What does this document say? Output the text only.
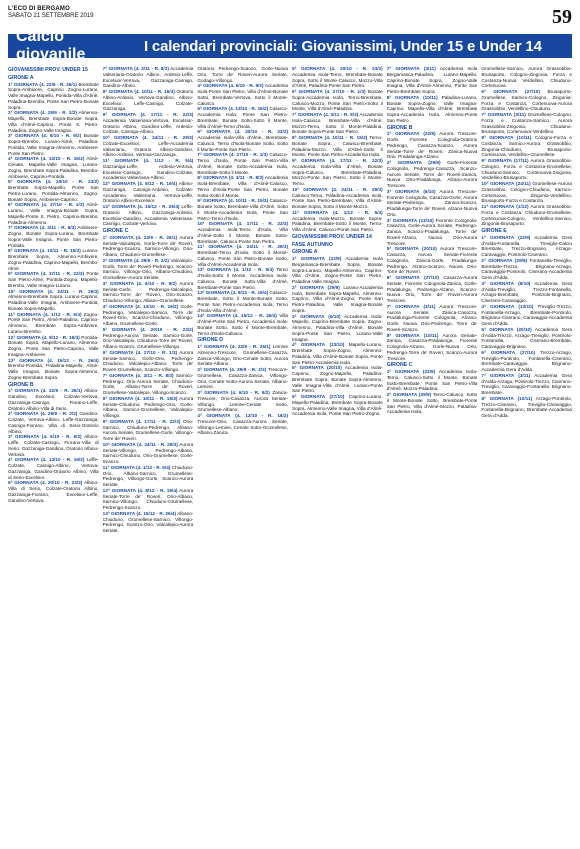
L'ECO DI BERGAMO
SABATO 21 SETTEMBRE 2019	59
Calcio giovanile	I calendari provinciali: Giovanissimi, Under 15 e Under 14
GIOVANISSIMI PROV. UNDER 15
GIRONE A

1ª GIORNATA (4. 22/9 - R. 26/1) Brembate Sopra-Ambivere, Caprino Zogno-Lurano, Valle Imagna-Mapello, Pontida-Villa d'Almè, Paladina-Brembo, Ponte San Pietro-Bonate Sopra.

2ª GIORNATA (4. 29/9 - R. 2/2) Almenno-Mapello, Brembate Sopra-Bonate Sopra, Villa d'Almè-Caprino, Ponte S. Pietro-Paladina, Zogno-Valle Imagna.

3ª GIORNATA (4. 6/10 - R. 9/2) Bonate Sopra-Brembo, Lurano-Almè, Paladina-Pontida, Valle Imagna-Almenno, Ambivere-Ponte San Pietro.

4ª GIORNATA (4. 13/10 - R. 16/2) Almè-Cenate, Mapello-Valle Imagna, Lurano-Zogno, Brembate Sopra-Paladina, Brembo-Ambivere, Caprino-Pontida.

5ª GIORNATA (4. 20/10 - R. 23/2) Brembate Sopra-Mapello, Ponte San Pietro-Lurano, Pontida-Almenno, Zogno-Bonate Sopra, Ambivere-Caprino.

6ª GIORNATA (4. 27/10 - R. 1/3) Almè-Lurano, Valle Imagna-Bonate Sopra, Mapello-Ponte S. Pietro, Caprino-Brembo, Paladina-Almenno.

7ª GIORNATA (4. 3/11 - R. 8/3) Ambivere-Zogno, Bonate Sopra-Lurano, Brembate Sopra-Valle Imagna, Ponte San Pietro-Pontida.

8ª GIORNATA (4. 10/11 - R. 15/3) Lurano-Brembate Sopra, Almenno-Ambivere, Zogno-Paladina, Caprino-Mapello, Brembo-Almè.

9ª GIORNATA (4. 17/11 - R. 22/3) Ponte San Pietro-Almè, Pontida-Zogno, Mapello-Brembo, Valle Imagna-Lurano.

10ª GIORNATA (4. 24/11 - R. 29/3) Almenno-Brembate Sopra, Lurano-Caprino, Paladina-Valle Imagna, Ambivere-Pontida, Bonate Sopra-Mapello.

11ª GIORNATA (4. 1/12 - R. 5/4) Zogno-Ponte San Pietro, Almè-Paladina, Caprino-Almenno, Brembate Sopra-Ambivere, Lurano-Brembo.

12ª GIORNATA (4. 8/12 - R. 19/4) Pontida-Bonate Sopra, Mapello-Lurano, Almenno-Zogno, Ponte San Pietro-Caprino, Valle Imagna-Ambivere.

13ª GIORNATA (4. 15/12 - R. 26/4) Brembo-Pontida, Paladina-Mapello, Almè-Valle Imagna, Bonate Sopra-Almenno, Zogno-Brembate Sopra.

GIRONE B

1ª GIORNATA (4. 22/9 - R. 26/1) Albino-Gandino, Excelsior, Colzate-Vertova, Gazzaniga-Casnigo, Fiorano-Leffe, Oratorio Albino-Villa di Serio.

2ª GIORNATA (4. 29/9 - R. 2/2) Gandino-Colzate, Vertova-Albino, Leffe-Gazzaniga, Casnigo-Fiorano, Villa di Serio-Oratorio Albino.

3ª GIORNATA (4. 6/10 - R. 9/2) Albino-Leffe, Colzate-Casnigo, Fiorano-Villa di Serio, Gazzaniga-Gandino, Oratorio Albino-Vertova.

4ª GIORNATA (4. 13/10 - R. 16/2) Leffe-Colzate, Casnigo-Albino, Vertova-Gazzaniga, Gandino-Oratorio Albino, Villa di Serio-Excelsior.

5ª GIORNATA (4. 20/10 - R. 23/2) Albino-Villa di Serio, Colzate-Oratorio Albino, Gazzaniga-Fiorano, Excelsior-Leffe, Gandino-Vertova.

7ª GIORNATA (4. 3/11 - R. 8/3) Accademia Valseriana-Oratorio Albino, Ardesio-Leffe, Excelsior-Vertova, Gazzaniga-Casnigo, Gandino-Albino.

8ª GIORNATA (4. 10/11 - R. 15/3) Oratorio Albino-Ardesio, Vertova-Gandino, Albino-Excelsior, Leffe-Casnigo, Colzate-Gazzaniga.

9ª GIORNATA (4. 17/11 - R. 22/3) Accademia Valseriana-Vertova, Excelsior-Oratorio Albino, Gandino-Leffe, Ardesio-Colzate, Casnigo-Albino.

10ª GIORNATA (4. 24/11 - R. 29/3) Colzate-Excelsior, Leffe-Accademia Valseriana, Oratorio Albino-Gandino, Albino-Ardesio, Vertova-Gazzaniga.

11ª GIORNATA (4. 1/12 - R. 5/4) Gazzaniga-Leffe, Ardesio-Vertova, Excelsior-Casnigo, Gandino-Colzate, Accademia Valseriana-Albino.

12ª GIORNATA (4. 8/12 - R. 19/4) Albino-Gazzaniga, Casnigo-Ardesio, Colzate-Accademia Valseriana, Vertova-Leffe, Oratorio Albino-Excelsior.

13ª GIORNATA (4. 15/12 - R. 26/4) Leffe-Oratorio Albino, Gazzaniga-Ardesio, Excelsior-Gandino, Accademia Valseriana-Casnigo, Colzate-Vertova.

GIRONE C

1ª GIORNATA (4. 22/9 - R. 26/1) Aurora Seriate-Valcalepio, Gorle-Torre de' Roveri, Pedrengo-Scanzo, Sarnico-Villongo, Orio-Albano, Chiuduno-Grumellese.

2ª GIORNATA (4. 29/9 - R. 2/2) Valcalepio-Gorle, Torre de' Roveri-Pedrengo, Scanzo-Sarnico, Villongo-Orio, Albano-Chiuduno, Grumellese-Aurora Seriate.

3ª GIORNATA (4. 6/10 - R. 9/2) Aurora Seriate-Gorle, Pedrengo-Valcalepio, Sarnico-Torre de' Roveri, Orio-Scanzo, Chiuduno-Villongo, Albano-Grumellese.

4ª GIORNATA (4. 13/10 - R. 16/2) Gorle-Pedrengo, Valcalepio-Sarnico, Torre de' Roveri-Orio, Scanzo-Chiuduno, Villongo-Albano, Grumellese-Gorle.

5ª GIORNATA (4. 20/10 - R. 23/2) Pedrengo-Aurora Seriate, Sarnico-Gorle, Orio-Valcalepio, Chiuduno-Torre de' Roveri, Albano-Scanzo, Grumellese-Villongo.

6ª GIORNATA (4. 27/10 - R. 1/3) Aurora Seriate-Sarnico, Gorle-Orio, Pedrengo-Chiuduno, Valcalepio-Albano, Torre de' Roveri-Grumellese, Scanzo-Villongo.

7ª GIORNATA (4. 3/11 - R. 8/3) Sarnico-Pedrengo, Orio-Aurora Seriate, Chiuduno-Gorle, Albano-Torre de' Roveri, Grumellese-Valcalepio, Villongo-Scanzo.

8ª GIORNATA (4. 10/11 - R. 15/3) Aurora Seriate-Chiuduno, Pedrengo-Orio, Gorle-Albano, Sarnico-Grumellese, Valcalepio-Villongo.

9ª GIORNATA (4. 17/11 - R. 22/3) Orio-Sarnico, Chiuduno-Pedrengo, Albano-Aurora Seriate, Grumellese-Gorle, Villongo-Torre de' Roveri.

10ª GIORNATA (4. 24/11 - R. 29/3) Aurora Seriate-Villongo, Pedrengo-Albano, Sarnico-Chiuduno, Orio-Grumellese, Gorle-Scanzo.

11ª GIORNATA (4. 1/12 - R. 5/4) Chiuduno-Orio, Albano-Sarnico, Grumellese-Pedrengo, Villongo-Gorle, Scanzo-Aurora Seriate.

12ª GIORNATA (4. 8/12 - R. 19/4) Aurora Seriate-Torre de' Roveri, Orio-Albano, Sarnico-Villongo, Chiuduno-Grumellese, Pedrengo-Scanzo.

13ª GIORNATA (4. 15/12 - R. 26/4) Albano-Chiuduno, Grumellese-Sarnico, Villongo-Pedrengo, Scanzo-Orio, Valcalepio-Aurora Seriate.

Oratorio Pedrengo-Scanzo, Gorle-Nuova Orio, Torre de' Roveri-Aurora Seriate, Gorlago-Villongo.

4ª GIORNATA (4. 6/10 - R. 9/2) Accademia Isola-Ponte San Pietro, Villa d'Almè-Bonate Sotto, Brembate-Vertova, Sotto il Monte-Calusco.

5ª GIORNATA (4. 13/10 - R. 16/2) Calusco-Accademia Isola, Ponte San Pietro-Brembate, Bonate Sotto-Sotto il Monte, Villa d'Almè-Terno d'Isola.

6ª GIORNATA (4. 20/10 - R. 23/2) Accademia Isola-Villa d'Almè, Brembate-Calusco, Terno d'Isola-Bonate Sotto, Sotto il Monte-Ponte San Pietro.

7ª GIORNATA (4. 27/10 - R. 1/3) Calusco-Terno d'Isola, Ponte San Pietro-Villa d'Almè, Bonate Sotto-Accademia Isola, Brembate-Sotto il Monte.

8ª GIORNATA (4. 3/11 - R. 8/3) Accademia Isola-Brembate, Villa d'Almè-Calusco, Terno d'Isola-Ponte San Pietro, Bonate Sotto-Sotto il Monte.

9ª GIORNATA (4. 10/11 - R. 15/3) Calusco-Bonate Sotto, Brembate-Villa d'Almè, Sotto il Monte-Accademia Isola, Ponte San Pietro-Terno d'Isola.

10ª GIORNATA (4. 17/11 - R. 22/3) Accademia Isola-Terno d'Isola, Villa d'Almè-Sotto il Monte, Bonate Sotto-Brembate, Calusco-Ponte San Pietro.

11ª GIORNATA (4. 24/11 - R. 29/3) Brembate-Terno d'Isola, Sotto il Monte-Calusco, Ponte San Pietro-Bonate Sotto, Villa d'Almè-Accademia Isola.

12ª GIORNATA (4. 1/12 - R. 5/4) Terno d'Isola-Sotto il Monte, Accademia Isola-Calusco, Bonate Sotto-Villa d'Almè, Brembate-Ponte San Pietro.

13ª GIORNATA (4. 8/12 - R. 19/4) Calusco-Brembate, Sotto il Monte-Bonate Sotto, Ponte San Pietro-Accademia Isola, Terno d'Isola-Villa d'Almè.

14ª GIORNATA (4. 15/12 - R. 26/4) Villa d'Almè-Ponte San Pietro, Accademia Isola-Bonate Sotto, Sotto il Monte-Brembate, Terno d'Isola-Calusco.

GIRONE D

1ª GIORNATA (4. 22/9 - R. 26/1) Lemine Almenno-Trescore, Grumellese-Casazza, Zanica-Villongo, Orio-Cenate Sotto, Aurora Seriate-Albano.

2ª GIORNATA (4. 29/9 - R. 2/2) Trescore-Grumellese, Casazza-Zanica, Villongo-Orio, Cenate Sotto-Aurora Seriate, Albano-Lemine.

3ª GIORNATA (4. 6/10 - R. 9/2) Zanica-Trescore, Orio-Casazza, Aurora Seriate-Villongo, Lemine-Cenate Sotto, Grumellese-Albano.

4ª GIORNATA (4. 13/10 - R. 16/2) Trescore-Orio, Casazza-Aurora Seriate, Villongo-Lemine, Cenate Sotto-Grumellese, Albano-Zanica.

5ª GIORNATA (4. 20/10 - R. 23/2) Accademia Isola-Terno, Brembate-Bonate Sopra, Sotto il Monte-Calusco, Mozzo-Villa d'Almè, Paladina-Ponte San Pietro.

6ª GIORNATA (4. 27/10 - R. 1/3) Bonate Sopra-Accademia Isola, Terno-Brembate, Calusco-Mozzo, Ponte San Pietro-Sotto il Monte, Villa d'Almè-Paladina.

7ª GIORNATA (4. 3/11 - R. 8/3) Accademia Isola-Calusco, Brembate-Villa d'Almè, Mozzo-Terno, Sotto il Monte-Paladina, Bonate Sopra-Ponte San Pietro.

8ª GIORNATA (4. 10/11 - R. 15/3) Terno-Bonate Sopra, Calusco-Brembate, Paladina-Mozzo, Villa d'Almè-Sotto il Monte, Ponte San Pietro-Accademia Isola.

9ª GIORNATA (4. 17/11 - R. 22/3) Accademia Isola-Villa d'Almè, Bonate Sopra-Calusco, Brembate-Paladina, Mozzo-Ponte San Pietro, Sotto il Monte-Terno.

10ª GIORNATA (4. 24/11 - R. 29/3) Calusco-Terno, Paladina-Accademia Isola, Ponte San Pietro-Brembate, Villa d'Almè-Bonate Sopra, Sotto il Monte-Mozzo.

11ª GIORNATA (4. 1/12 - R. 5/4) Accademia Isola-Mozzo, Bonate Sopra-Paladina, Brembate-Sotto il Monte, Terno-Villa d'Almè, Calusco-Ponte San Pietro.

GIOVANISSIMI PROV. UNDER 14
FASE AUTUNNO
GIRONE A

1ª GIORNATA (22/9) Accademia Isola Bergamasca-Brembate Sopra, Bonate Sopra-Lurano, Mapello-Almenno, Caprino-Villa d'Almè, Zogno-Ponte San Pietro, Paladina-Valle Imagna.

2ª GIORNATA (29/9) Lurano-Accademia Isola, Brembate Sopra-Mapello, Almenno-Caprino, Villa d'Almè-Zogno, Ponte San Pietro-Paladina, Valle Imagna-Bonate Sopra.

3ª GIORNATA (6/10) Accademia Isola-Mapello, Caprino-Brembate Sopra, Zogno-Almenno, Paladina-Villa d'Almè, Bonate Sopra-Ponte San Pietro, Lurano-Valle Imagna.

4ª GIORNATA (13/10) Mapello-Lurano, Brembate Sopra-Zogno, Almenno-Paladina, Villa d'Almè-Bonate Sopra, Ponte San Pietro-Accademia Isola.

5ª GIORNATA (20/10) Accademia Isola-Caprino, Zogno-Mapello, Paladina-Brembate Sopra, Bonate Sopra-Almenno, Valle Imagna-Villa d'Almè, Lurano-Ponte San Pietro.

6ª GIORNATA (27/10) Caprino-Lurano, Mapello-Paladina, Brembate Sopra-Bonate Sopra, Almenno-Valle Imagna, Villa d'Almè-Accademia Isola, Ponte San Pietro-Zogno.

7ª GIORNATA (3/11) Accademia Isola Bergamasca-Paladina, Lurano-Mapello, Caprino-Bonate Sopra, Zogno-Valle Imagna, Villa d'Almè-Almenno, Ponte San Pietro-Brembate Sopra.

8ª GIORNATA (10/11) Paladina-Lurano, Bonate Sopra-Zogno, Valle Imagna-Caprino, Mapello-Villa d'Almè, Brembate Sopra-Accademia Isola, Almenno-Ponte San Pietro.

GIRONE B

1ª GIORNATA (22/9) Aurora Trescore-Gorle, Fiorente Colognola-Oratorio Pedrengo, Casazza-Scanzo, Aurora Seriate-Torre de' Roveri, Zanica-Nuova Orio, Pradalunga-Alzano.

2ª GIORNATA (29/9) Gorle-Fiorente Colognola, Pedrengo-Casazza, Scanzo-Aurora Seriate, Torre de' Roveri-Zanica, Nuova Orio-Pradalunga, Alzano-Aurora Trescore.

3ª GIORNATA (6/10) Aurora Trescore-Fiorente Colognola, Casazza-Gorle, Aurora Seriate-Pedrengo, Zanica-Scanzo, Pradalunga-Torre de' Roveri, Alzano-Nuova Orio.

4ª GIORNATA (13/10) Fiorente Colognola-Casazza, Gorle-Aurora Seriate, Pedrengo-Zanica, Scanzo-Pradalunga, Torre de' Roveri-Alzano, Nuova Orio-Aurora Trescore.

5ª GIORNATA (20/10) Aurora Trescore-Casazza, Aurora Seriate-Fiorente Colognola, Zanica-Gorle, Pradalunga-Pedrengo, Alzano-Scanzo, Nuova Orio-Torre de' Roveri.

6ª GIORNATA (27/10) Casazza-Aurora Seriate, Fiorente Colognola-Zanica, Gorle-Pradalunga, Pedrengo-Alzano, Scanzo-Nuova Orio, Torre de' Roveri-Aurora Trescore.

7ª GIORNATA (3/11) Aurora Trescore-Aurora Seriate, Zanica-Casazza, Pradalunga-Fiorente Colognola, Alzano-Gorle, Nuova Orio-Pedrengo, Torre de' Roveri-Scanzo.

8ª GIORNATA (10/11) Aurora Seriate-Zanica, Casazza-Pradalunga, Fiorente Colognola-Alzano, Gorle-Nuova Orio, Pedrengo-Torre de' Roveri, Scanzo-Aurora Trescore.

GIRONE C

1ª GIORNATA (22/9) Accademia Isola-Terno, Calusco-Sotto il Monte, Bonate Sotto-Brembate, Ponte San Pietro-Villa d'Almè, Mozzo-Paladina.

2ª GIORNATA (29/9) Terno-Calusco, Sotto il Monte-Bonate Sotto, Brembate-Ponte San Pietro, Villa d'Almè-Mozzo, Paladina-Accademia Isola.

Grumellese-Sarnico, Aurora Grassobbio-Brusaporto, Cologno-Zingonia, Forza e Costanza-Nuova Verdellino, Chiuduno-Cortenuova.

6ª GIORNATA (27/10) Brusaporto-Grumellese, Sarnico-Cologno, Zingonia-Forza e Costanza, Cortenuova-Aurora Grassobbio, Verdellino-Chiuduno.

7ª GIORNATA (3/11) Grumellese-Cologno, Forza e Costanza-Sarnico, Aurora Grassobbio-Zingonia, Chiuduno-Brusaporto, Cortenuova-Verdellino.

8ª GIORNATA (10/11) Cologno-Forza e Costanza, Sarnico-Aurora Grassobbio, Zingonia-Chiuduno, Brusaporto-Cortenuova, Verdellino-Grumellese.

9ª GIORNATA (17/11) Aurora Grassobbio-Cologno, Forza e Costanza-Grumellese, Chiuduno-Sarnico, Cortenuova-Zingonia, Verdellino-Brusaporto.

10ª GIORNATA (24/11) Grumellese-Aurora Grassobbio, Cologno-Chiuduno, Sarnico-Cortenuova, Zingonia-Verdellino, Brusaporto-Forza e Costanza.

11ª GIORNATA (1/12) Aurora Grassobbio-Forza e Costanza, Chiuduno-Grumellese, Cortenuova-Cologno, Verdellino-Sarnico, Zingonia-Brusaporto.

GIRONE E

1ª GIORNATA (22/9) Accademia Gera d'Adda-Fontanella, Treviglio-Calcio Brembate, Trezzo-Brignano, Arzago-Caravaggio, Pontirolo-Ciserano.

2ª GIORNATA (29/9) Fontanella-Treviglio, Brembate-Trezzo, Brignano-Arzago, Caravaggio-Pontirolo, Ciserano-Accademia Gera d'Adda.

3ª GIORNATA (6/10) Accademia Gera d'Adda-Treviglio, Trezzo-Fontanella, Arzago-Brembate, Pontirolo-Brignano, Ciserano-Caravaggio.

4ª GIORNATA (13/10) Treviglio-Trezzo, Fontanella-Arzago, Brembate-Pontirolo, Brignano-Ciserano, Caravaggio-Accademia Gera d'Adda.

5ª GIORNATA (20/10) Accademia Gera d'Adda-Trezzo, Arzago-Treviglio, Pontirolo-Fontanella, Ciserano-Brembate, Caravaggio-Brignano.

6ª GIORNATA (27/10) Trezzo-Arzago, Treviglio-Pontirolo, Fontanella-Ciserano, Brembate-Caravaggio, Brignano-Accademia Gera d'Adda.

7ª GIORNATA (3/11) Accademia Gera d'Adda-Arzago, Pontirolo-Trezzo, Ciserano-Treviglio, Caravaggio-Fontanella, Brignano-Brembate.

8ª GIORNATA (10/11) Arzago-Pontirolo, Trezzo-Ciserano, Treviglio-Caravaggio, Fontanella-Brignano, Brembate-Accademia Gera d'Adda.
